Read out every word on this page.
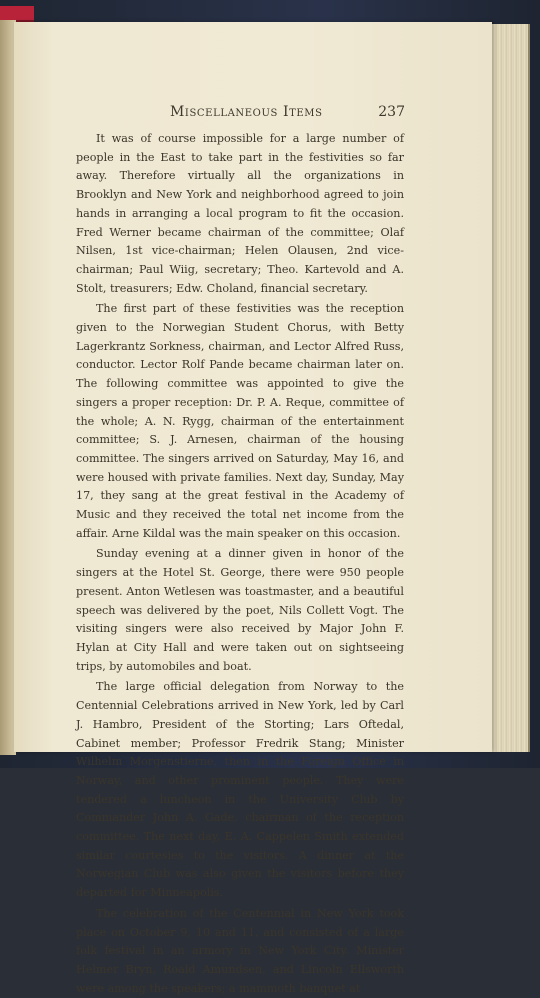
Miscellaneous Items	237

It was of course impossible for a large number of people in the East to take part in the festivities so far away. Therefore virtually all the organizations in Brooklyn and New York and neighborhood agreed to join hands in arranging a local program to fit the occasion. Fred Werner became chairman of the committee; Olaf Nilsen, 1st vice-chairman; Helen Olausen, 2nd vice-chairman; Paul Wiig, secretary; Theo. Kartevold and A. Stolt, treasurers; Edw. Choland, financial secretary.

The first part of these festivities was the reception given to the Norwegian Student Chorus, with Betty Lagerkrantz Sorkness, chairman, and Lector Alfred Russ, conductor. Lector Rolf Pande became chairman later on. The following committee was appointed to give the singers a proper reception: Dr. P. A. Reque, committee of the whole; A. N. Rygg, chairman of the entertainment committee; S. J. Arnesen, chairman of the housing committee. The singers arrived on Saturday, May 16, and were housed with private families. Next day, Sunday, May 17, they sang at the great festival in the Academy of Music and they received the total net income from the affair. Arne Kildal was the main speaker on this occasion.

Sunday evening at a dinner given in honor of the singers at the Hotel St. George, there were 950 people present. Anton Wetlesen was toastmaster, and a beautiful speech was delivered by the poet, Nils Collett Vogt. The visiting singers were also received by Major John F. Hylan at City Hall and were taken out on sightseeing trips, by automobiles and boat.

The large official delegation from Norway to the Centennial Celebrations arrived in New York, led by Carl J. Hambro, President of the Storting; Lars Oftedal, Cabinet member; Professor Fredrik Stang; Minister Wilhelm Morgenstierne, then in the Foreign Office in Norway, and other prominent people. They were tendered a luncheon in the University Club by Commander John A. Gade, chairman of the reception committee. The next day, E. A. Cappelen Smith extended similar courtesies to the visitors. A dinner at the Norwegian Club was also given the visitors before they departed for Minneapolis.

The celebration of the Centennial in New York took place on October 9, 10 and 11, and consisted of a large folk festival in an armory in New York City. Minister Helmer Bryn, Roald Amundsen, and Lincoln Ellsworth were among the speakers; a mammoth banquet at
